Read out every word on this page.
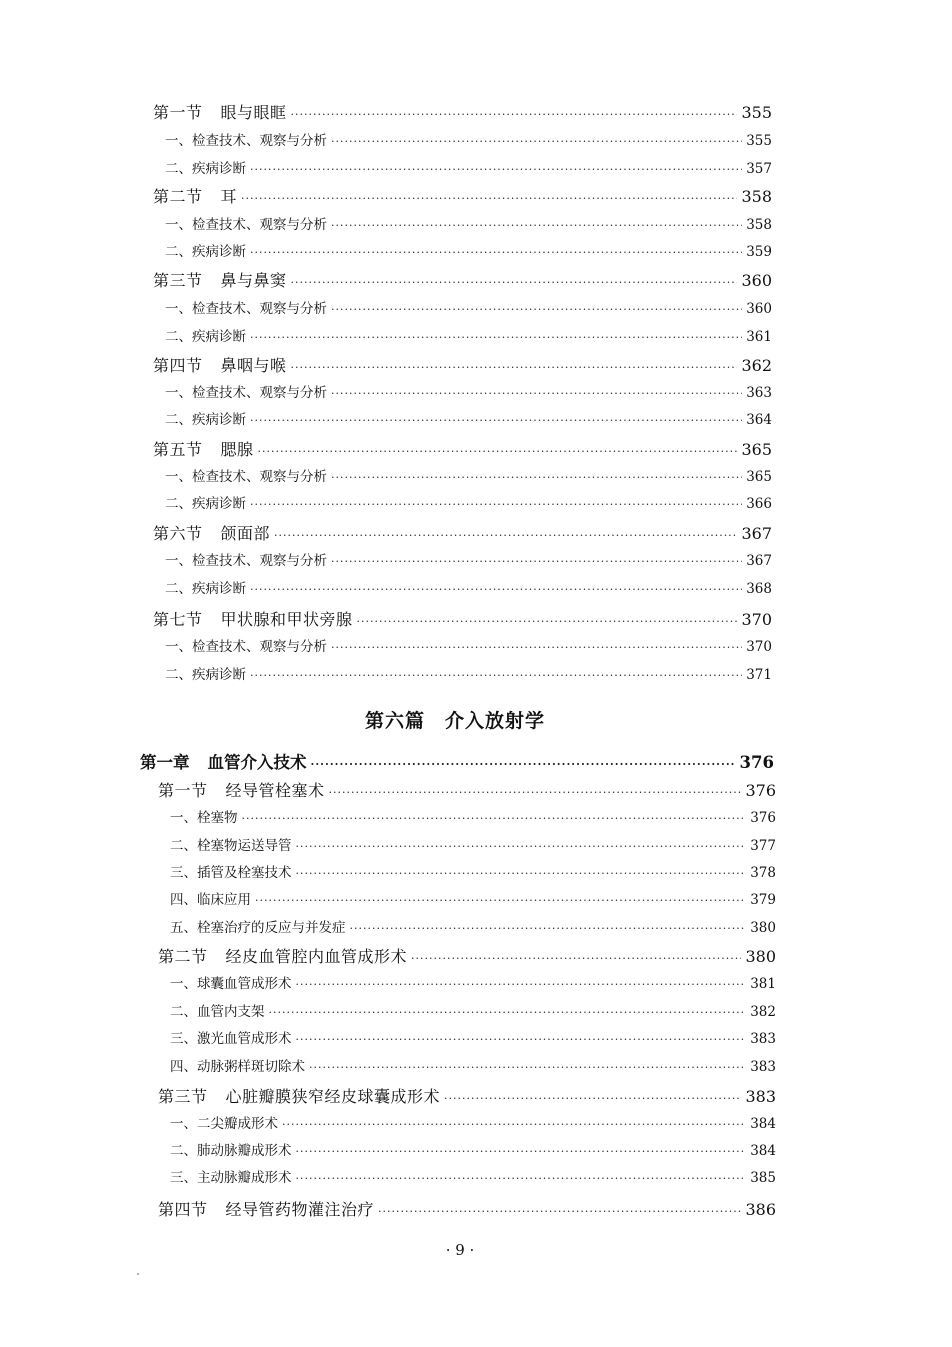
第一节 眼与眼眶 ·····	355
一、检查技术、观察与分析 ·····	355
二、疾病诊断 ·····	357
第二节 耳 ·····	358
一、检查技术、观察与分析 ·····	358
二、疾病诊断 ·····	359
第三节 鼻与鼻窦 ·····	360
一、检查技术、观察与分析 ·····	360
二、疾病诊断 ·····	361
第四节 鼻咽与喉 ·····	362
一、检查技术、观察与分析 ·····	363
二、疾病诊断 ·····	364
第五节 腮腺 ·····	365
一、检查技术、观察与分析 ·····	365
二、疾病诊断 ·····	366
第六节 颌面部 ·····	367
一、检查技术、观察与分析 ·····	367
二、疾病诊断 ·····	368
第七节 甲状腺和甲状旁腺 ·····	370
一、检查技术、观察与分析 ·····	370
二、疾病诊断 ·····	371
第六篇　介入放射学
第一章 血管介入技术 ·····	376
第一节 经导管栓塞术 ·····	376
一、栓塞物 ·····	376
二、栓塞物运送导管 ·····	377
三、插管及栓塞技术 ·····	378
四、临床应用 ·····	379
五、栓塞治疗的反应与并发症 ·····	380
第二节 经皮血管腔内血管成形术 ·····	380
一、球囊血管成形术 ·····	381
二、血管内支架 ·····	382
三、激光血管成形术 ·····	383
四、动脉粥样斑切除术 ·····	383
第三节 心脏瓣膜狭窄经皮球囊成形术 ·····	383
一、二尖瓣成形术 ·····	384
二、肺动脉瓣成形术 ·····	384
三、主动脉瓣成形术 ·····	385
第四节 经导管药物灌注治疗 ·····	386
· 9 ·
